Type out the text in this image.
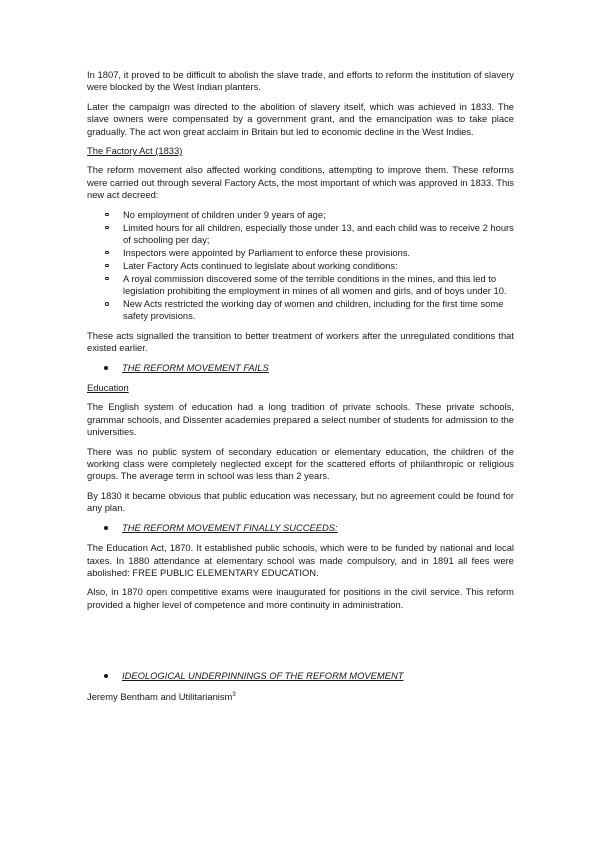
In 1807, it proved to be difficult to abolish the slave trade, and efforts to reform the institution of slavery were blocked by the West Indian planters.

Later the campaign was directed to the abolition of slavery itself, which was achieved in 1833. The slave owners were compensated by a government grant, and the emancipation was to take place gradually. The act won great acclaim in Britain but led to economic decline in the West Indies.

The Factory Act (1833)

The reform movement also affected working conditions, attempting to improve them. These reforms were carried out through several Factory Acts, the most important of which was approved in 1833. This new act decreed:

No employment of children under 9 years of age;
Limited hours for all children, especially those under 13, and each child was to receive 2 hours of schooling per day;
Inspectors were appointed by Parliament to enforce these provisions.
Later Factory Acts continued to legislate about working conditions:
A royal commission discovered some of the terrible conditions in the mines, and this led to legislation prohibiting the employment in mines of all women and girls, and of boys under 10.
New Acts restricted the working day of women and children, including for the first time some safety provisions.

These acts signalled the transition to better treatment of workers after the unregulated conditions that existed earlier.

THE REFORM MOVEMENT FAILS

Education

The English system of education had a long tradition of private schools. These private schools, grammar schools, and Dissenter academies prepared a select number of students for admission to the universities.

There was no public system of secondary education or elementary education, the children of the working class were completely neglected except for the scattered efforts of philanthropic or religious groups. The average term in school was less than 2 years.

By 1830 it became obvious that public education was necessary, but no agreement could be found for any plan.

THE REFORM MOVEMENT FINALLY SUCCEEDS:

The Education Act, 1870. It established public schools, which were to be funded by national and local taxes. In 1880 attendance at elementary school was made compulsory, and in 1891 all fees were abolished: FREE PUBLIC ELEMENTARY EDUCATION.

Also, in 1870 open competitive exams were inaugurated for positions in the civil service. This reform provided a higher level of competence and more continuity in administration.

IDEOLOGICAL UNDERPINNINGS OF THE REFORM MOVEMENT

Jeremy Bentham and Utilitarianism$^3$
